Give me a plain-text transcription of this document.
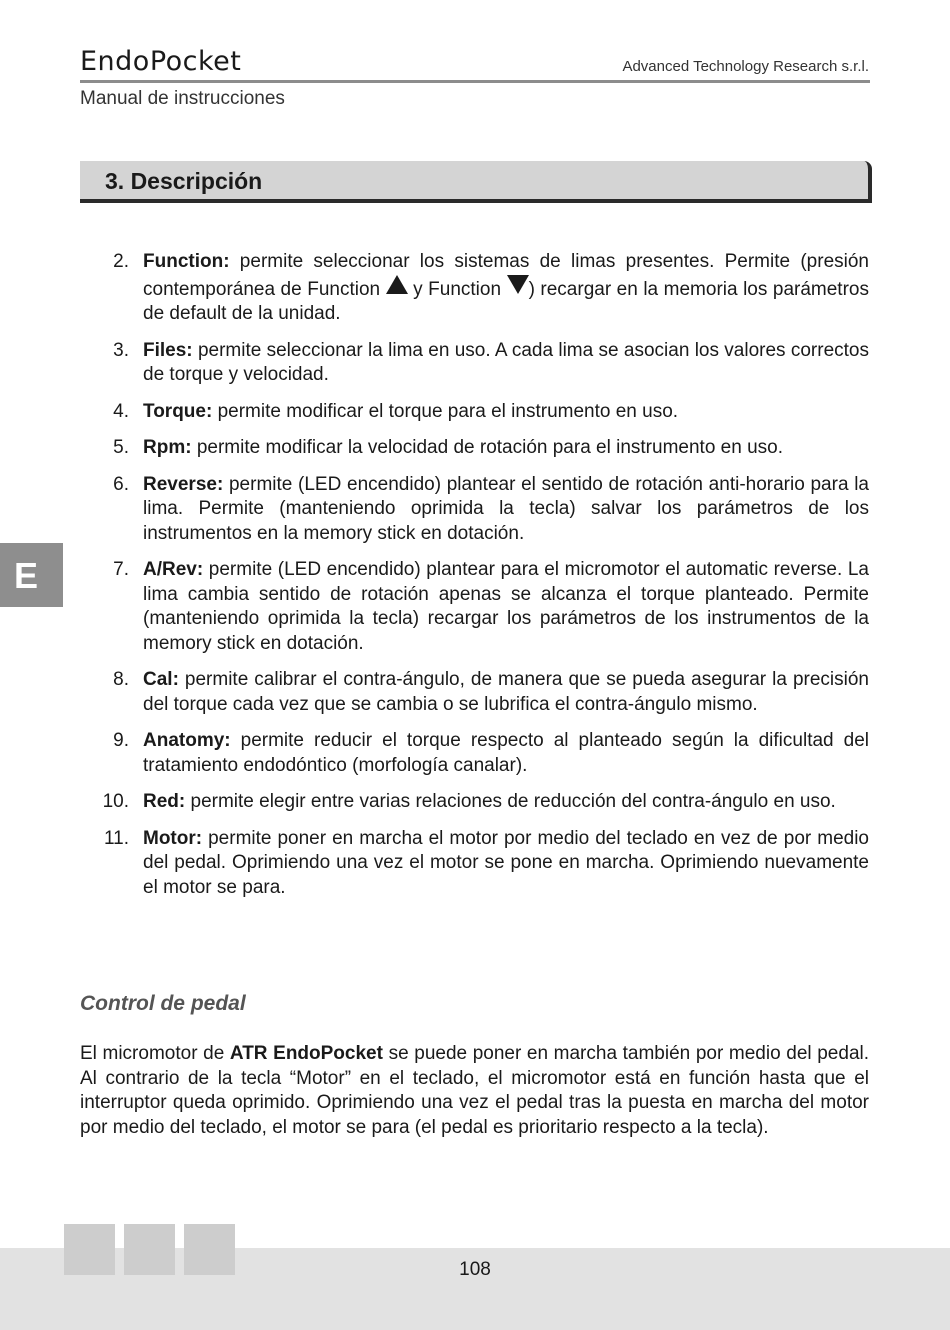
EndoPocket	Advanced Technology Research s.r.l.
Manual de instrucciones
3. Descripción
2. Function: permite seleccionar los sistemas de limas presentes. Permite (presión contemporánea de Function  y Function ) recargar en la memoria los parámetros de default de la unidad.
3. Files: permite seleccionar la lima en uso. A cada lima se asocian los valores correctos de torque y velocidad.
4. Torque: permite modificar el torque para el instrumento en uso.
5. Rpm: permite modificar la velocidad de rotación para el instrumento en uso.
6. Reverse: permite (LED encendido) plantear el sentido de rotación anti-horario para la lima. Permite (manteniendo oprimida la tecla) salvar los parámetros de los instrumentos en la memory stick en dotación.
7. A/Rev: permite (LED encendido) plantear para el micromotor el automatic reverse. La lima cambia sentido de rotación apenas se alcanza el torque planteado. Permite (manteniendo oprimida la tecla) recargar los parámetros de los instrumentos de la memory stick en dotación.
8. Cal: permite calibrar el contra-ángulo, de manera que se pueda asegurar la precisión del torque cada vez que se cambia o se lubrifica el contra-ángulo mismo.
9. Anatomy: permite reducir el torque respecto al planteado según la dificultad del tratamiento endodóntico (morfología canalar).
10. Red: permite elegir entre varias relaciones de reducción del contra-ángulo en uso.
11. Motor: permite poner en marcha el motor por medio del teclado en vez de por medio del pedal. Oprimiendo una vez el motor se pone en marcha. Oprimiendo nuevamente el motor se para.
Control de pedal

El micromotor de ATR EndoPocket se puede poner en marcha también por medio del pedal. Al contrario de la tecla “Motor” en el teclado, el micromotor está en función hasta que el interruptor queda oprimido. Oprimiendo una vez el pedal tras la puesta en marcha del motor por medio del teclado, el motor se para (el pedal es prioritario respecto a la tecla).

E
108
